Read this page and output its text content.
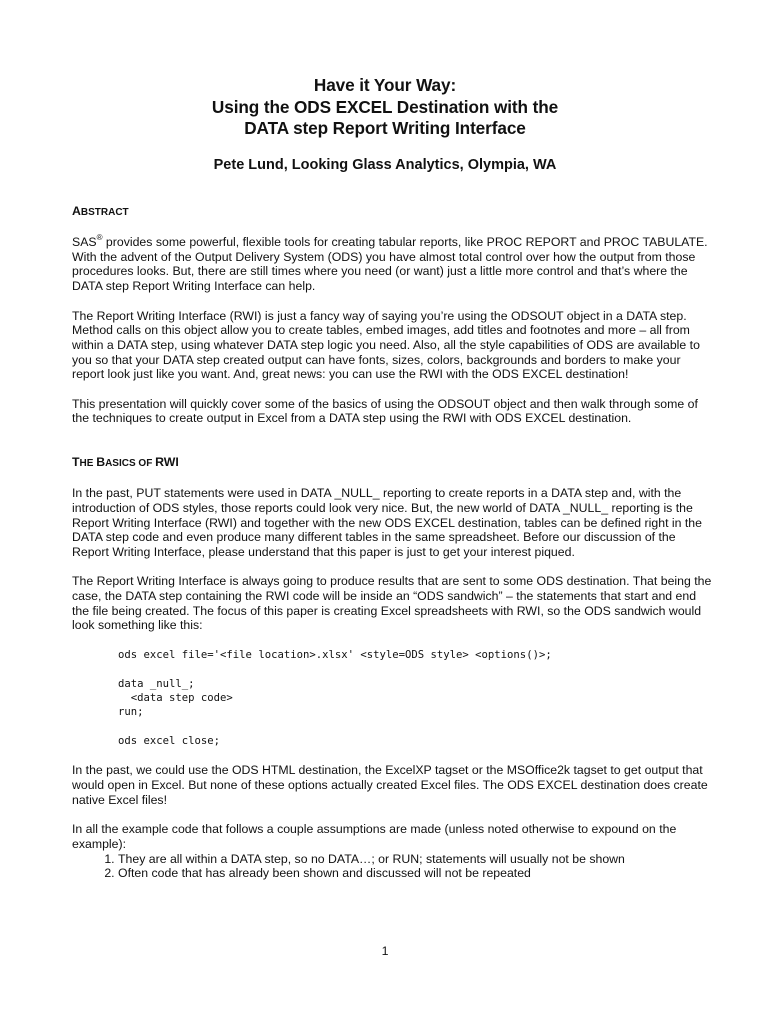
Have it Your Way:
Using the ODS EXCEL Destination with the
DATA step Report Writing Interface
Pete Lund, Looking Glass Analytics, Olympia, WA
ABSTRACT

SAS® provides some powerful, flexible tools for creating tabular reports, like PROC REPORT and PROC TABULATE. With the advent of the Output Delivery System (ODS) you have almost total control over how the output from those procedures looks. But, there are still times where you need (or want) just a little more control and that’s where the DATA step Report Writing Interface can help.

The Report Writing Interface (RWI) is just a fancy way of saying you’re using the ODSOUT object in a DATA step. Method calls on this object allow you to create tables, embed images, add titles and footnotes and more – all from within a DATA step, using whatever DATA step logic you need. Also, all the style capabilities of ODS are available to you so that your DATA step created output can have fonts, sizes, colors, backgrounds and borders to make your report look just like you want. And, great news: you can use the RWI with the ODS EXCEL destination!

This presentation will quickly cover some of the basics of using the ODSOUT object and then walk through some of the techniques to create output in Excel from a DATA step using the RWI with ODS EXCEL destination.

THE BASICS OF RWI

In the past, PUT statements were used in DATA _NULL_ reporting to create reports in a DATA step and, with the introduction of ODS styles, those reports could look very nice. But, the new world of DATA _NULL_ reporting is the Report Writing Interface (RWI) and together with the new ODS EXCEL destination, tables can be defined right in the DATA step code and even produce many different tables in the same spreadsheet. Before our discussion of the Report Writing Interface, please understand that this paper is just to get your interest piqued.

The Report Writing Interface is always going to produce results that are sent to some ODS destination. That being the case, the DATA step containing the RWI code will be inside an “ODS sandwich” – the statements that start and end the file being created. The focus of this paper is creating Excel spreadsheets with RWI, so the ODS sandwich would look something like this:

ods excel file='<file location>.xlsx' <style=ODS style> <options()>;
data _null_;
<data step code>
run;
ods excel close;

In the past, we could use the ODS HTML destination, the ExcelXP tagset or the MSOffice2k tagset to get output that would open in Excel. But none of these options actually created Excel files. The ODS EXCEL destination does create native Excel files!

In all the example code that follows a couple assumptions are made (unless noted otherwise to expound on the example):

1. They are all within a DATA step, so no DATA…; or RUN; statements will usually not be shown
2. Often code that has already been shown and discussed will not be repeated
1
